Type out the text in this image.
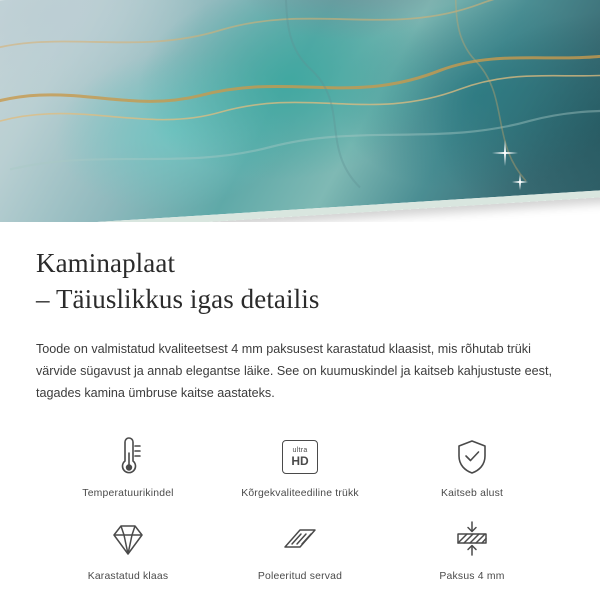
Kaminaplaat
– Täiuslikkus igas detailis

Toode on valmistatud kvaliteetsest 4 mm paksusest karastatud klaasist, mis rõhutab trüki värvide sügavust ja annab elegantse läike. See on kuumuskindel ja kaitseb kahjustuste eest, tagades kamina ümbruse kaitse aastateks.

Temperatuurikindel
ultra
HD
Kõrgekvaliteediline trükk	Kaitseb alust
Karastatud klaas	Poleeritud servad	Paksus 4 mm
